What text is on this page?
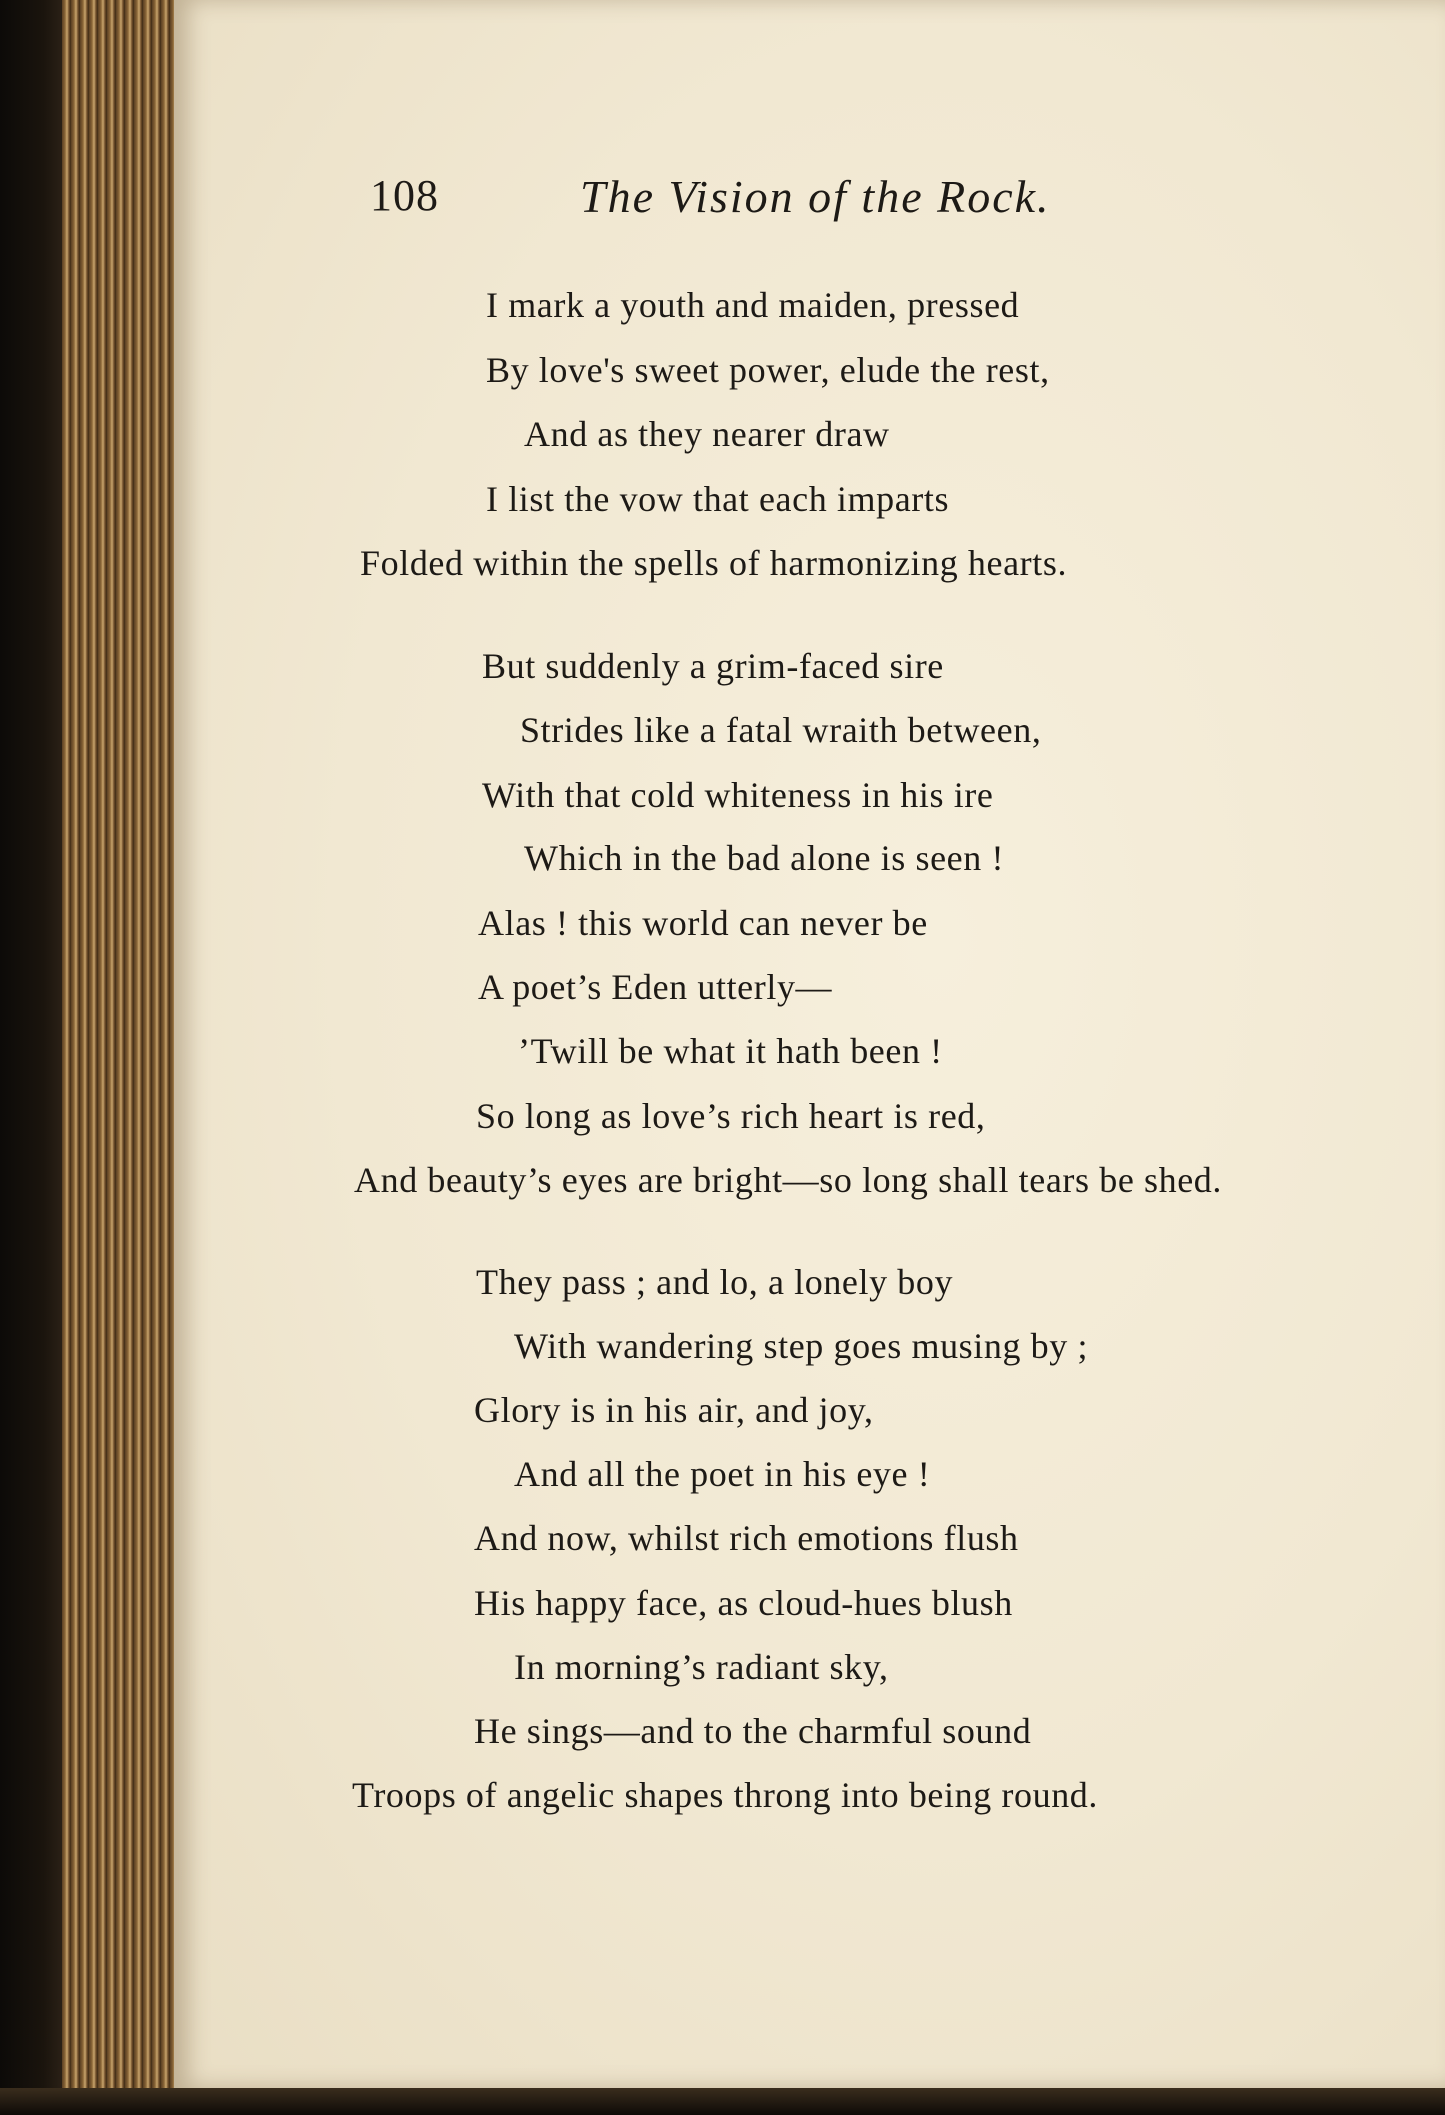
108	The Vision of the Rock.
I mark a youth and maiden, pressed
By love's sweet power, elude the rest,
And as they nearer draw
I list the vow that each imparts
Folded within the spells of harmonizing hearts.
But suddenly a grim-faced sire
Strides like a fatal wraith between,
With that cold whiteness in his ire
Which in the bad alone is seen !
Alas ! this world can never be
A poet’s Eden utterly—
’Twill be what it hath been !
So long as love’s rich heart is red,
And beauty’s eyes are bright—so long shall tears be shed.
They pass ; and lo, a lonely boy
With wandering step goes musing by ;
Glory is in his air, and joy,
And all the poet in his eye !
And now, whilst rich emotions flush
His happy face, as cloud-hues blush
In morning’s radiant sky,
He sings—and to the charmful sound
Troops of angelic shapes throng into being round.
